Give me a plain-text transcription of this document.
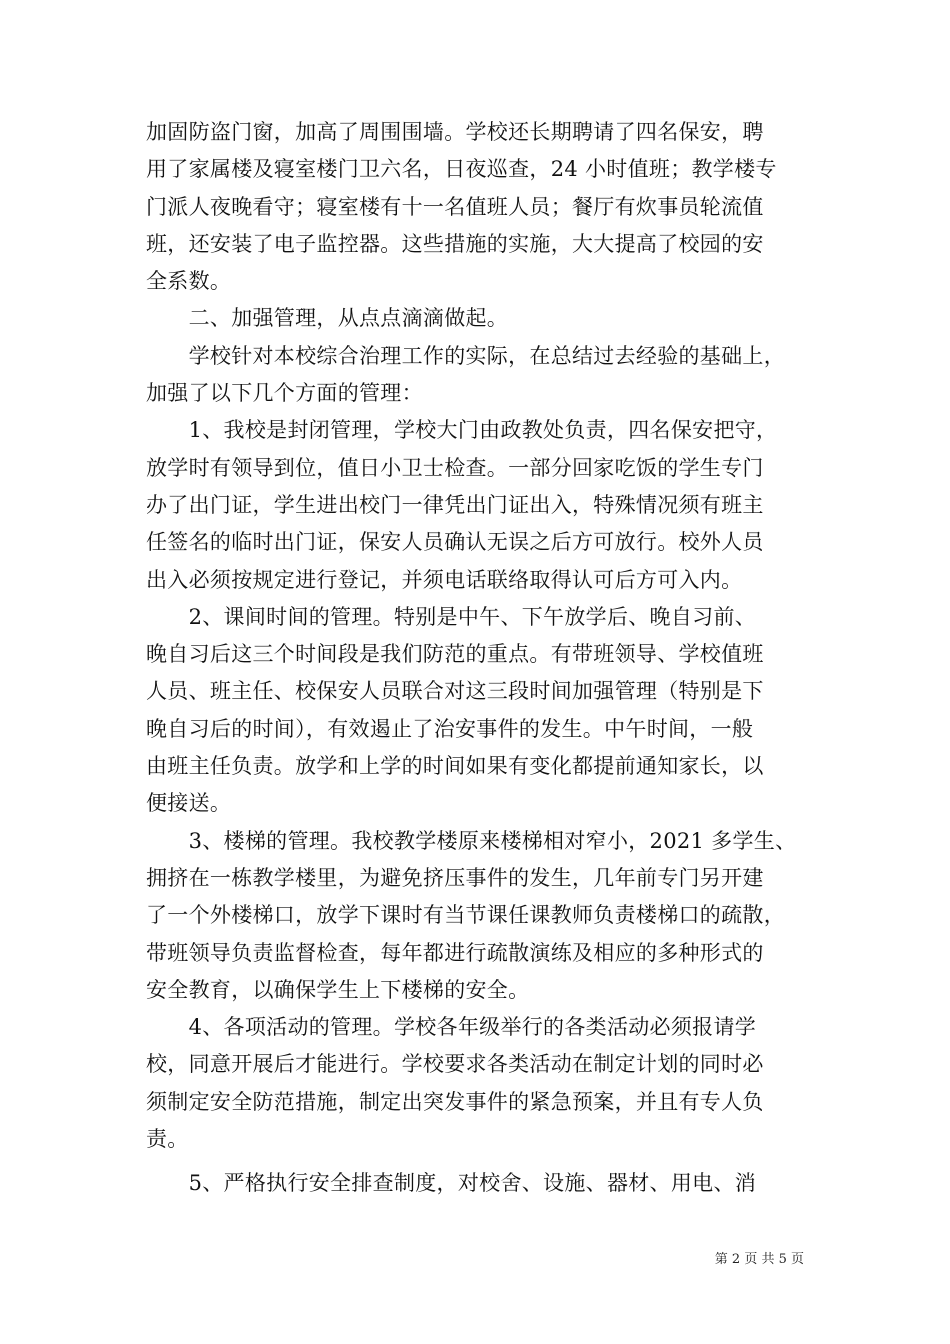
加固防盗门窗，加高了周围围墙。学校还长期聘请了四名保安，聘
用了家属楼及寝室楼门卫六名，日夜巡查，24 小时值班；教学楼专
门派人夜晚看守；寝室楼有十一名值班人员；餐厅有炊事员轮流值
班，还安装了电子监控器。这些措施的实施，大大提高了校园的安
全系数。
　　二、加强管理，从点点滴滴做起。
　　学校针对本校综合治理工作的实际，在总结过去经验的基础上，
加强了以下几个方面的管理：
　　1、我校是封闭管理，学校大门由政教处负责，四名保安把守，
放学时有领导到位，值日小卫士检查。一部分回家吃饭的学生专门
办了出门证，学生进出校门一律凭出门证出入，特殊情况须有班主
任签名的临时出门证，保安人员确认无误之后方可放行。校外人员
出入必须按规定进行登记，并须电话联络取得认可后方可入内。
　　2、课间时间的管理。特别是中午、下午放学后、晚自习前、
晚自习后这三个时间段是我们防范的重点。有带班领导、学校值班
人员、班主任、校保安人员联合对这三段时间加强管理（特别是下
晚自习后的时间），有效遏止了治安事件的发生。中午时间，一般
由班主任负责。放学和上学的时间如果有变化都提前通知家长，以
便接送。
　　3、楼梯的管理。我校教学楼原来楼梯相对窄小，2021 多学生、
拥挤在一栋教学楼里，为避免挤压事件的发生，几年前专门另开建
了一个外楼梯口，放学下课时有当节课任课教师负责楼梯口的疏散，
带班领导负责监督检查，每年都进行疏散演练及相应的多种形式的
安全教育，以确保学生上下楼梯的安全。
　　4、各项活动的管理。学校各年级举行的各类活动必须报请学
校，同意开展后才能进行。学校要求各类活动在制定计划的同时必
须制定安全防范措施，制定出突发事件的紧急预案，并且有专人负
责。
　　5、严格执行安全排查制度，对校舍、设施、器材、用电、消
第 2 页 共 5 页
